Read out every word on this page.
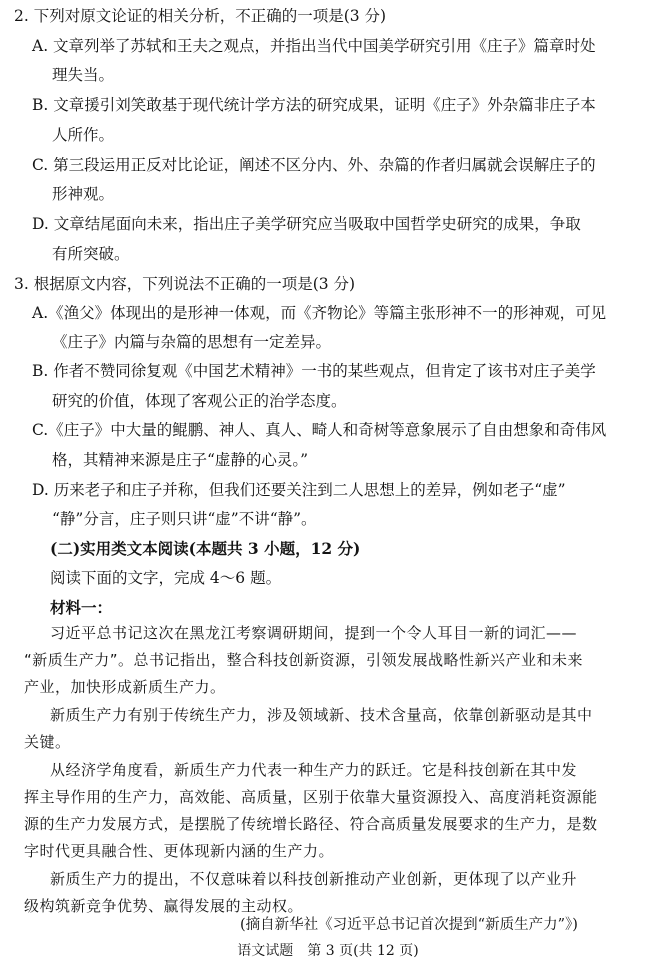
2. 下列对原文论证的相关分析，不正确的一项是(3 分)
A. 文章列举了苏轼和王夫之观点，并指出当代中国美学研究引用《庄子》篇章时处
理失当。
B. 文章援引刘笑敢基于现代统计学方法的研究成果，证明《庄子》外杂篇非庄子本
人所作。
C. 第三段运用正反对比论证，阐述不区分内、外、杂篇的作者归属就会误解庄子的
形神观。
D. 文章结尾面向未来，指出庄子美学研究应当吸取中国哲学史研究的成果，争取
有所突破。
3. 根据原文内容，下列说法不正确的一项是(3 分)
A.《渔父》体现出的是形神一体观，而《齐物论》等篇主张形神不一的形神观，可见
《庄子》内篇与杂篇的思想有一定差异。
B. 作者不赞同徐复观《中国艺术精神》一书的某些观点，但肯定了该书对庄子美学
研究的价值，体现了客观公正的治学态度。
C.《庄子》中大量的鲲鹏、神人、真人、畸人和奇树等意象展示了自由想象和奇伟风
格，其精神来源是庄子“虚静的心灵。”
D. 历来老子和庄子并称，但我们还要关注到二人思想上的差异，例如老子“虚”
“静”分言，庄子则只讲“虚”不讲“静”。
(二)实用类文本阅读(本题共 3 小题，12 分)
阅读下面的文字，完成 4～6 题。
材料一：
习近平总书记这次在黑龙江考察调研期间，提到一个令人耳目一新的词汇——
“新质生产力”。总书记指出，整合科技创新资源，引领发展战略性新兴产业和未来
产业，加快形成新质生产力。
新质生产力有别于传统生产力，涉及领域新、技术含量高，依靠创新驱动是其中
关键。
从经济学角度看，新质生产力代表一种生产力的跃迁。它是科技创新在其中发
挥主导作用的生产力，高效能、高质量，区别于依靠大量资源投入、高度消耗资源能
源的生产力发展方式，是摆脱了传统增长路径、符合高质量发展要求的生产力，是数
字时代更具融合性、更体现新内涵的生产力。
新质生产力的提出，不仅意味着以科技创新推动产业创新，更体现了以产业升
级构筑新竞争优势、赢得发展的主动权。
(摘自新华社《习近平总书记首次提到“新质生产力”》)
语文试题　第 3 页(共 12 页)
